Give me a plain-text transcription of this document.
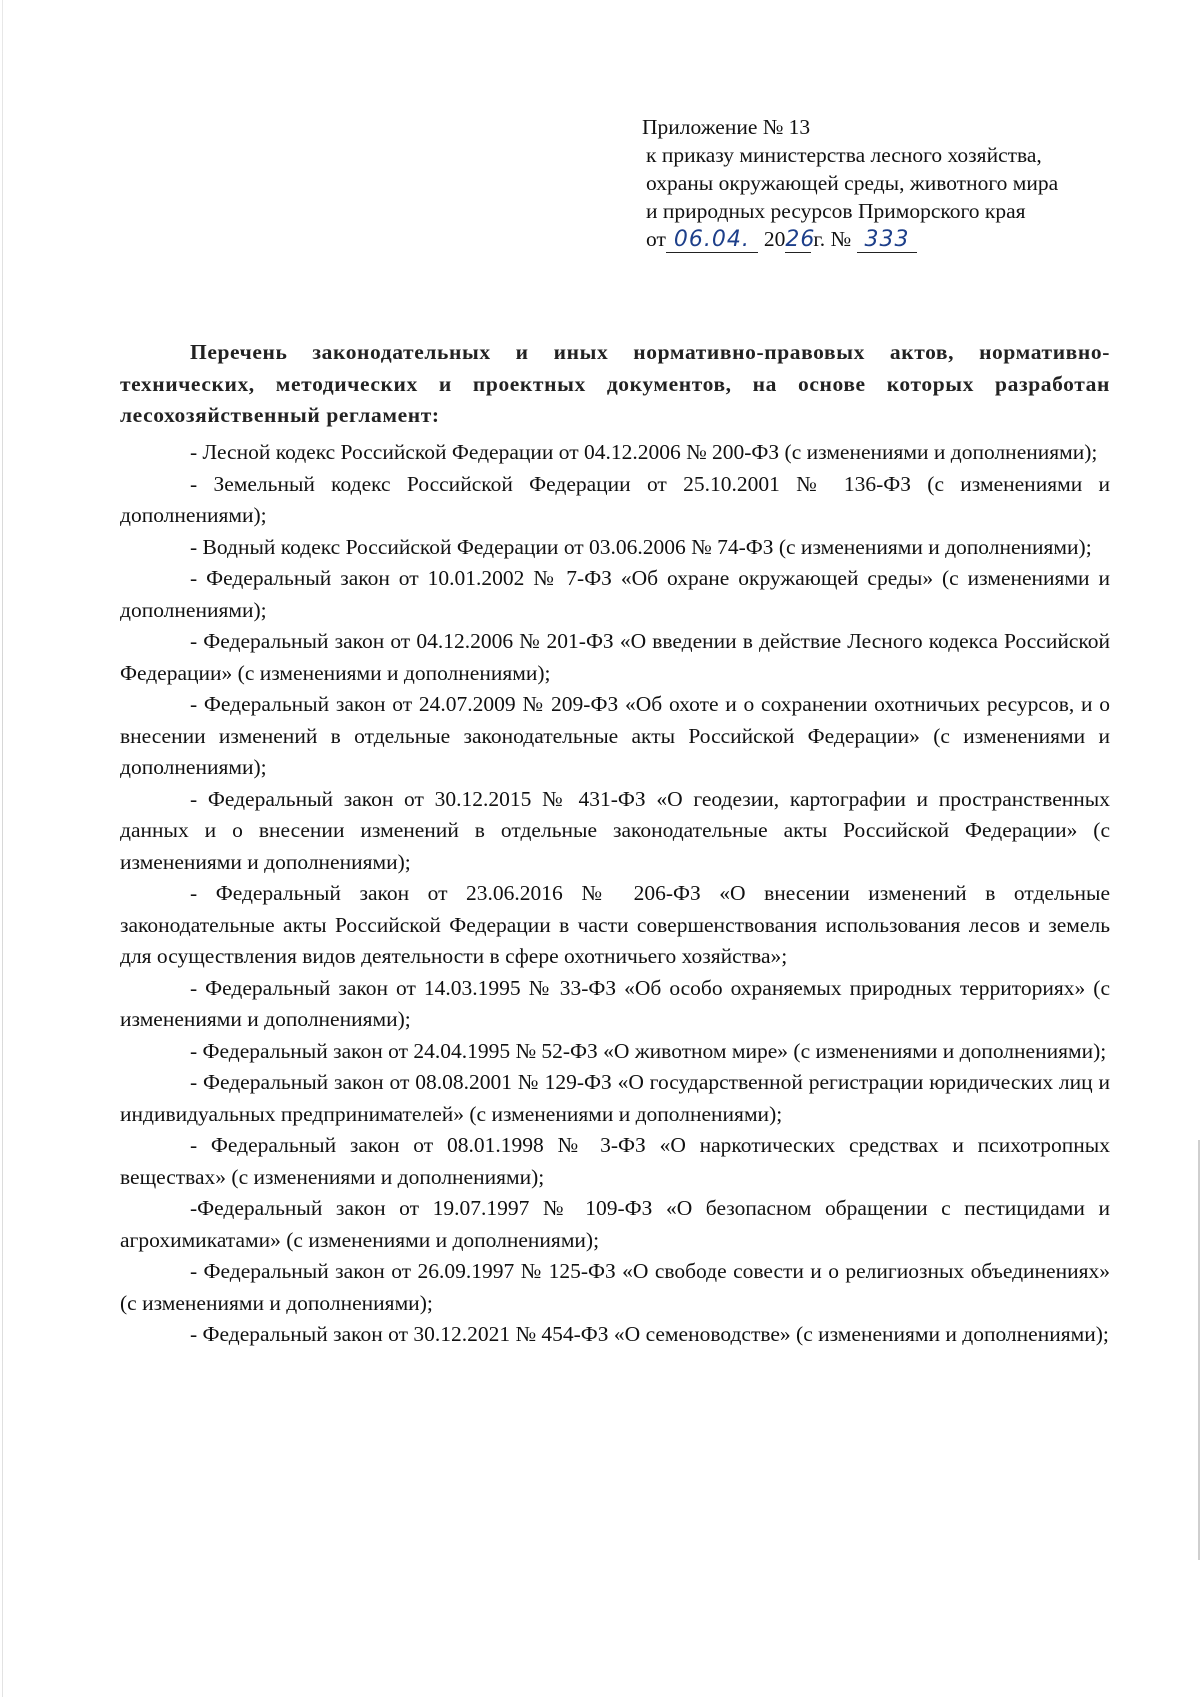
Приложение № 13
к приказу министерства лесного хозяйства,
охраны окружающей среды, животного мира
и природных ресурсов Приморского края
от 06.04. 20 26
г. № 333
Перечень законодательных и иных нормативно-правовых актов, нормативно-технических, методических и проектных документов, на основе которых разработан лесохозяйственный регламент:

- Лесной кодекс Российской Федерации от 04.12.2006 № 200-ФЗ (с изменениями и дополнениями);

- Земельный кодекс Российской Федерации от 25.10.2001 № 136-ФЗ (с изменениями и дополнениями);

- Водный кодекс Российской Федерации от 03.06.2006 № 74-ФЗ (с изменениями и дополнениями);

- Федеральный закон от 10.01.2002 № 7-ФЗ «Об охране окружающей среды» (с изменениями и дополнениями);

- Федеральный закон от 04.12.2006 № 201-ФЗ «О введении в действие Лесного кодекса Российской Федерации» (с изменениями и дополнениями);

- Федеральный закон от 24.07.2009 № 209-ФЗ «Об охоте и о сохранении охотничьих ресурсов, и о внесении изменений в отдельные законодательные акты Российской Федерации» (с изменениями и дополнениями);

- Федеральный закон от 30.12.2015 № 431-ФЗ «О геодезии, картографии и пространственных данных и о внесении изменений в отдельные законодательные акты Российской Федерации» (с изменениями и дополнениями);

- Федеральный закон от 23.06.2016 № 206-ФЗ «О внесении изменений в отдельные законодательные акты Российской Федерации в части совершенствования использования лесов и земель для осуществления видов деятельности в сфере охотничьего хозяйства»;

- Федеральный закон от 14.03.1995 № 33-ФЗ «Об особо охраняемых природных территориях» (с изменениями и дополнениями);

- Федеральный закон от 24.04.1995 № 52-ФЗ «О животном мире» (с изменениями и дополнениями);

- Федеральный закон от 08.08.2001 № 129-ФЗ «О государственной регистрации юридических лиц и индивидуальных предпринимателей» (с изменениями и дополнениями);

- Федеральный закон от 08.01.1998 № 3-ФЗ «О наркотических средствах и психотропных веществах» (с изменениями и дополнениями);

-Федеральный закон от 19.07.1997 № 109-ФЗ «О безопасном обращении с пестицидами и агрохимикатами» (с изменениями и дополнениями);

- Федеральный закон от 26.09.1997 № 125-ФЗ «О свободе совести и о религиозных объединениях» (с изменениями и дополнениями);

- Федеральный закон от 30.12.2021 № 454-ФЗ «О семеноводстве» (с изменениями и дополнениями);
